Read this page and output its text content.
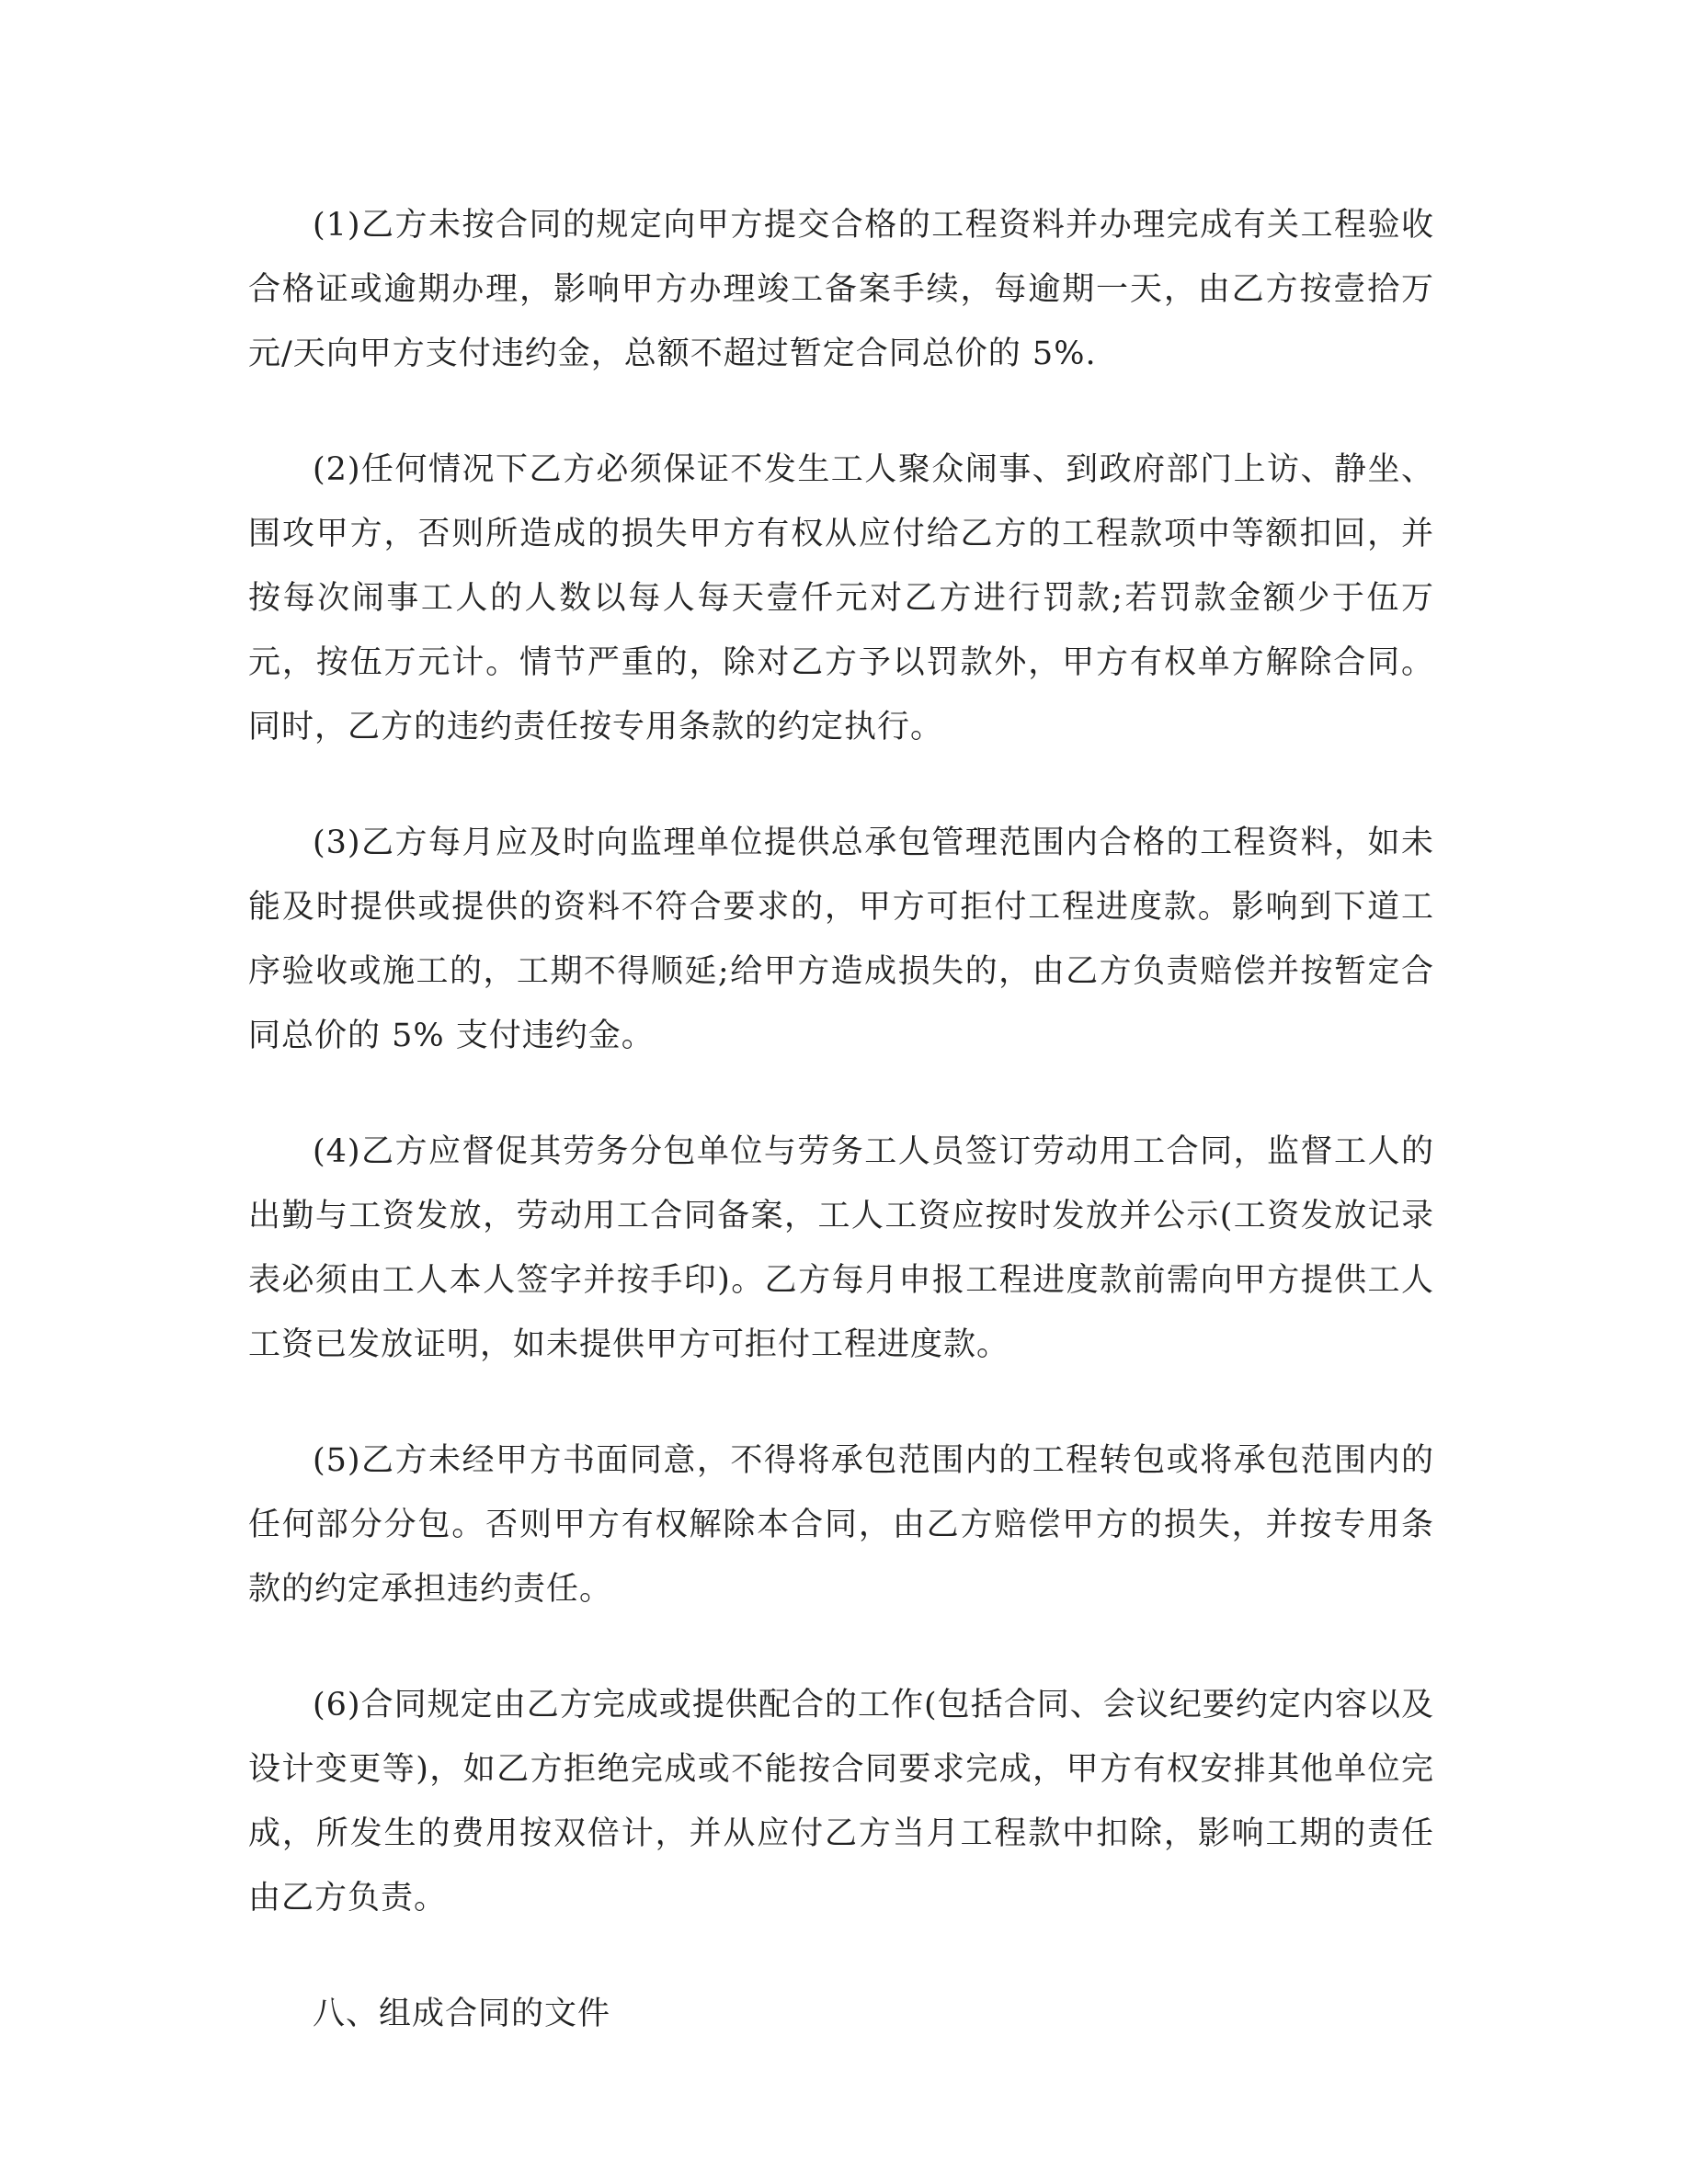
(1)乙方未按合同的规定向甲方提交合格的工程资料并办理完成有关工程验收合格证或逾期办理，影响甲方办理竣工备案手续，每逾期一天，由乙方按壹拾万元/天向甲方支付违约金，总额不超过暂定合同总价的 5%.

(2)任何情况下乙方必须保证不发生工人聚众闹事、到政府部门上访、静坐、围攻甲方，否则所造成的损失甲方有权从应付给乙方的工程款项中等额扣回，并按每次闹事工人的人数以每人每天壹仟元对乙方进行罚款;若罚款金额少于伍万元，按伍万元计。情节严重的，除对乙方予以罚款外，甲方有权单方解除合同。同时，乙方的违约责任按专用条款的约定执行。

(3)乙方每月应及时向监理单位提供总承包管理范围内合格的工程资料，如未能及时提供或提供的资料不符合要求的，甲方可拒付工程进度款。影响到下道工序验收或施工的，工期不得顺延;给甲方造成损失的，由乙方负责赔偿并按暂定合同总价的 5% 支付违约金。

(4)乙方应督促其劳务分包单位与劳务工人员签订劳动用工合同，监督工人的出勤与工资发放，劳动用工合同备案，工人工资应按时发放并公示(工资发放记录表必须由工人本人签字并按手印)。乙方每月申报工程进度款前需向甲方提供工人工资已发放证明，如未提供甲方可拒付工程进度款。

(5)乙方未经甲方书面同意，不得将承包范围内的工程转包或将承包范围内的任何部分分包。否则甲方有权解除本合同，由乙方赔偿甲方的损失，并按专用条款的约定承担违约责任。

(6)合同规定由乙方完成或提供配合的工作(包括合同、会议纪要约定内容以及设计变更等)，如乙方拒绝完成或不能按合同要求完成，甲方有权安排其他单位完成，所发生的费用按双倍计，并从应付乙方当月工程款中扣除，影响工期的责任由乙方负责。

八、组成合同的文件
